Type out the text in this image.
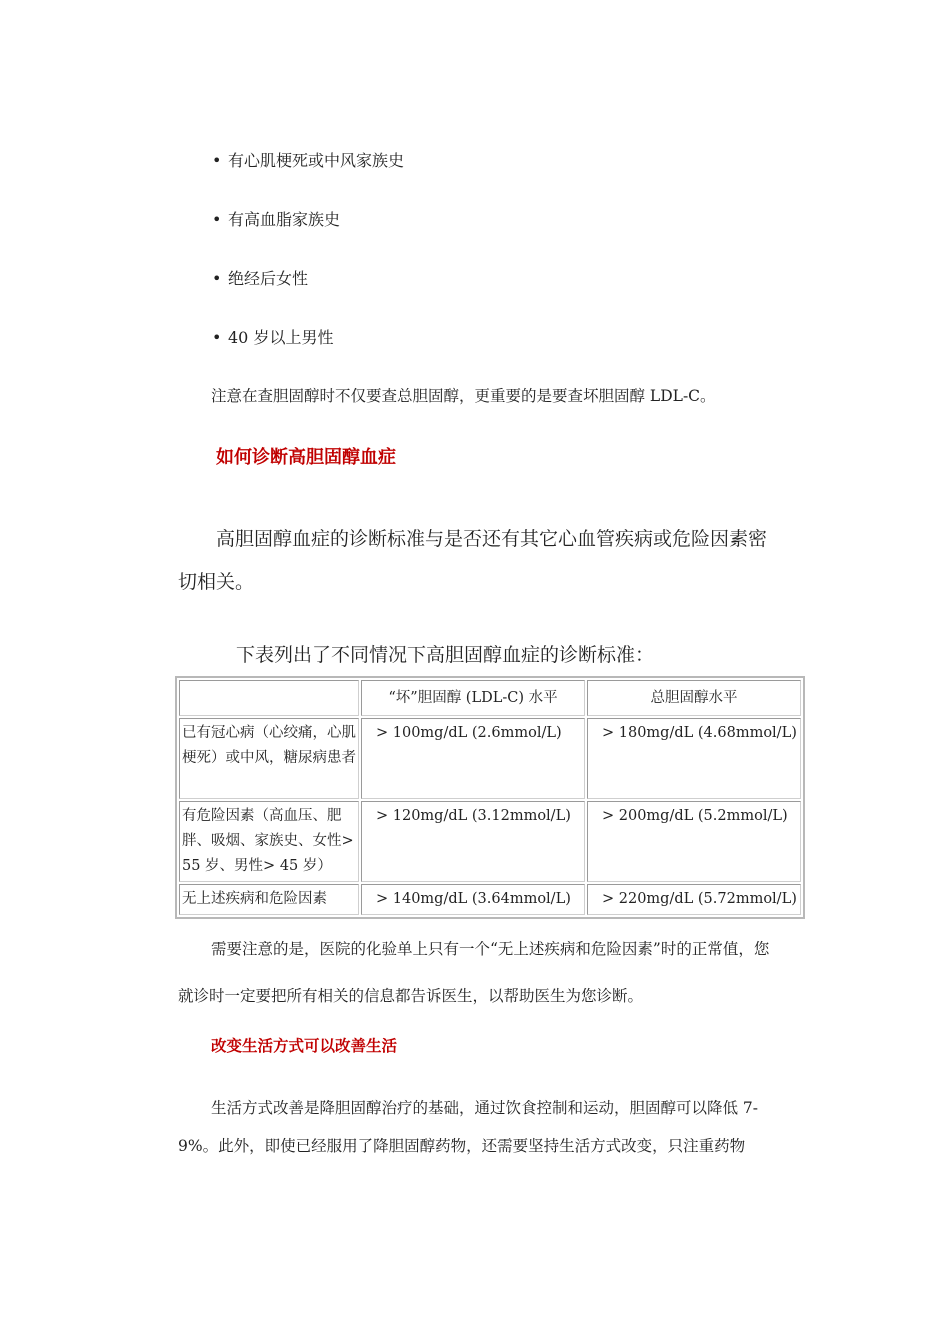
• 有心肌梗死或中风家族史
• 有高血脂家族史
• 绝经后女性
• 40 岁以上男性
注意在查胆固醇时不仅要查总胆固醇，更重要的是要查坏胆固醇 LDL-C。
如何诊断高胆固醇血症
高胆固醇血症的诊断标准与是否还有其它心血管疾病或危险因素密切相关。
下表列出了不同情况下高胆固醇血症的诊断标准：
	“坏”胆固醇 (LDL-C) 水平	总胆固醇水平
已有冠心病（心绞痛，心肌梗死）或中风，糖尿病患者	> 100mg/dL (2.6mmol/L)	> 180mg/dL (4.68mmol/L)
有危险因素（高血压、肥胖、吸烟、家族史、女性> 55 岁、男性> 45 岁）	> 120mg/dL (3.12mmol/L)	> 200mg/dL (5.2mmol/L)
无上述疾病和危险因素	> 140mg/dL (3.64mmol/L)	> 220mg/dL (5.72mmol/L)
需要注意的是，医院的化验单上只有一个“无上述疾病和危险因素”时的正常值，您就诊时一定要把所有相关的信息都告诉医生，以帮助医生为您诊断。
改变生活方式可以改善生活
生活方式改善是降胆固醇治疗的基础，通过饮食控制和运动，胆固醇可以降低 7-9%。此外，即使已经服用了降胆固醇药物，还需要坚持生活方式改变，只注重药物
